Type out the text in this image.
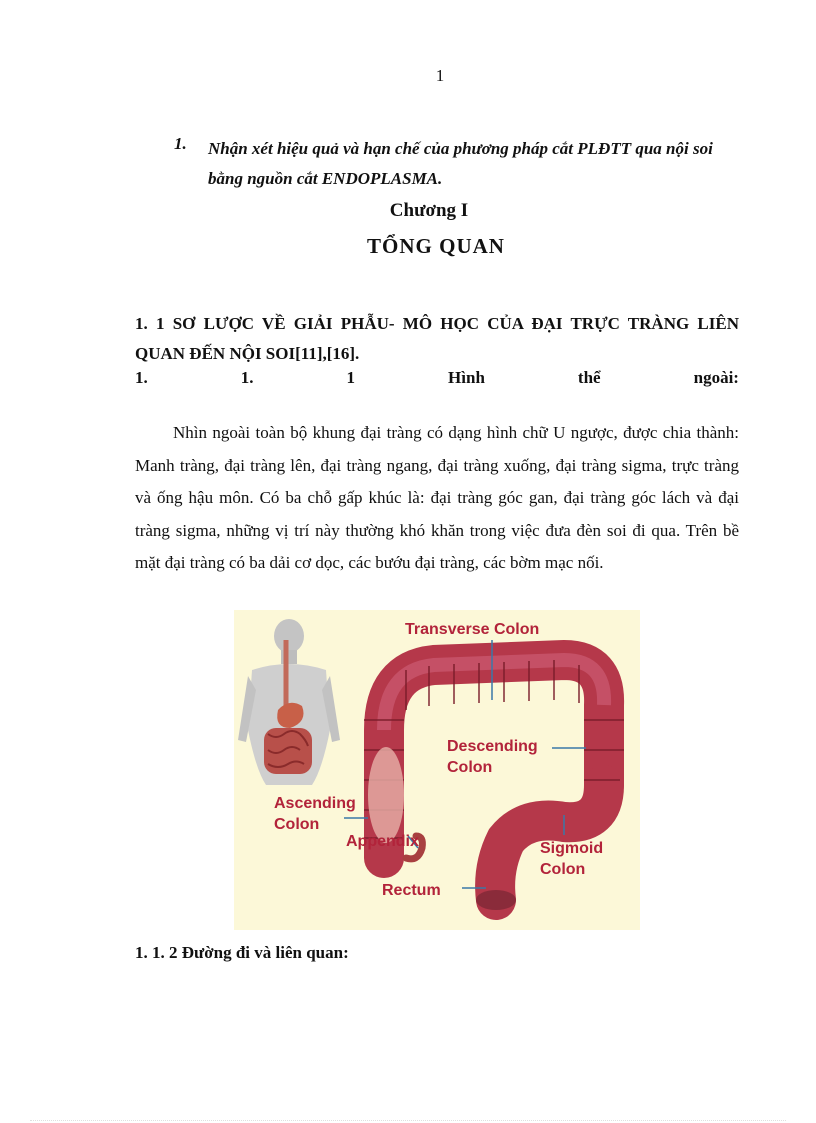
1
1. Nhận xét hiệu quả và hạn chế của phương pháp cắt PLĐTT qua nội soi bằng nguồn cắt ENDOPLASMA.
Chương I
TỔNG QUAN
1. 1 SƠ LƯỢC VỀ GIẢI PHẪU- MÔ HỌC CỦA ĐẠI TRỰC TRÀNG LIÊN QUAN ĐẾN NỘI SOI[11],[16].
1.	1.	1	Hình	thể	ngoài:
Nhìn ngoài toàn bộ khung đại tràng có dạng hình chữ U ngược, được chia thành: Manh tràng, đại tràng lên, đại tràng ngang, đại tràng xuống, đại tràng sigma, trực tràng và ống hậu môn. Có ba chỗ gấp khúc là: đại tràng góc gan, đại tràng góc lách và đại tràng sigma, những vị trí này thường khó khăn trong việc đưa đèn soi đi qua. Trên bề mặt đại tràng có ba dải cơ dọc, các bướu đại tràng, các bờm mạc nối.
Transverse Colon
Descending
Colon
Ascending
Colon
Appendix	Sigmoid
Colon
Rectum
1. 1. 2 Đường đi và liên quan:
